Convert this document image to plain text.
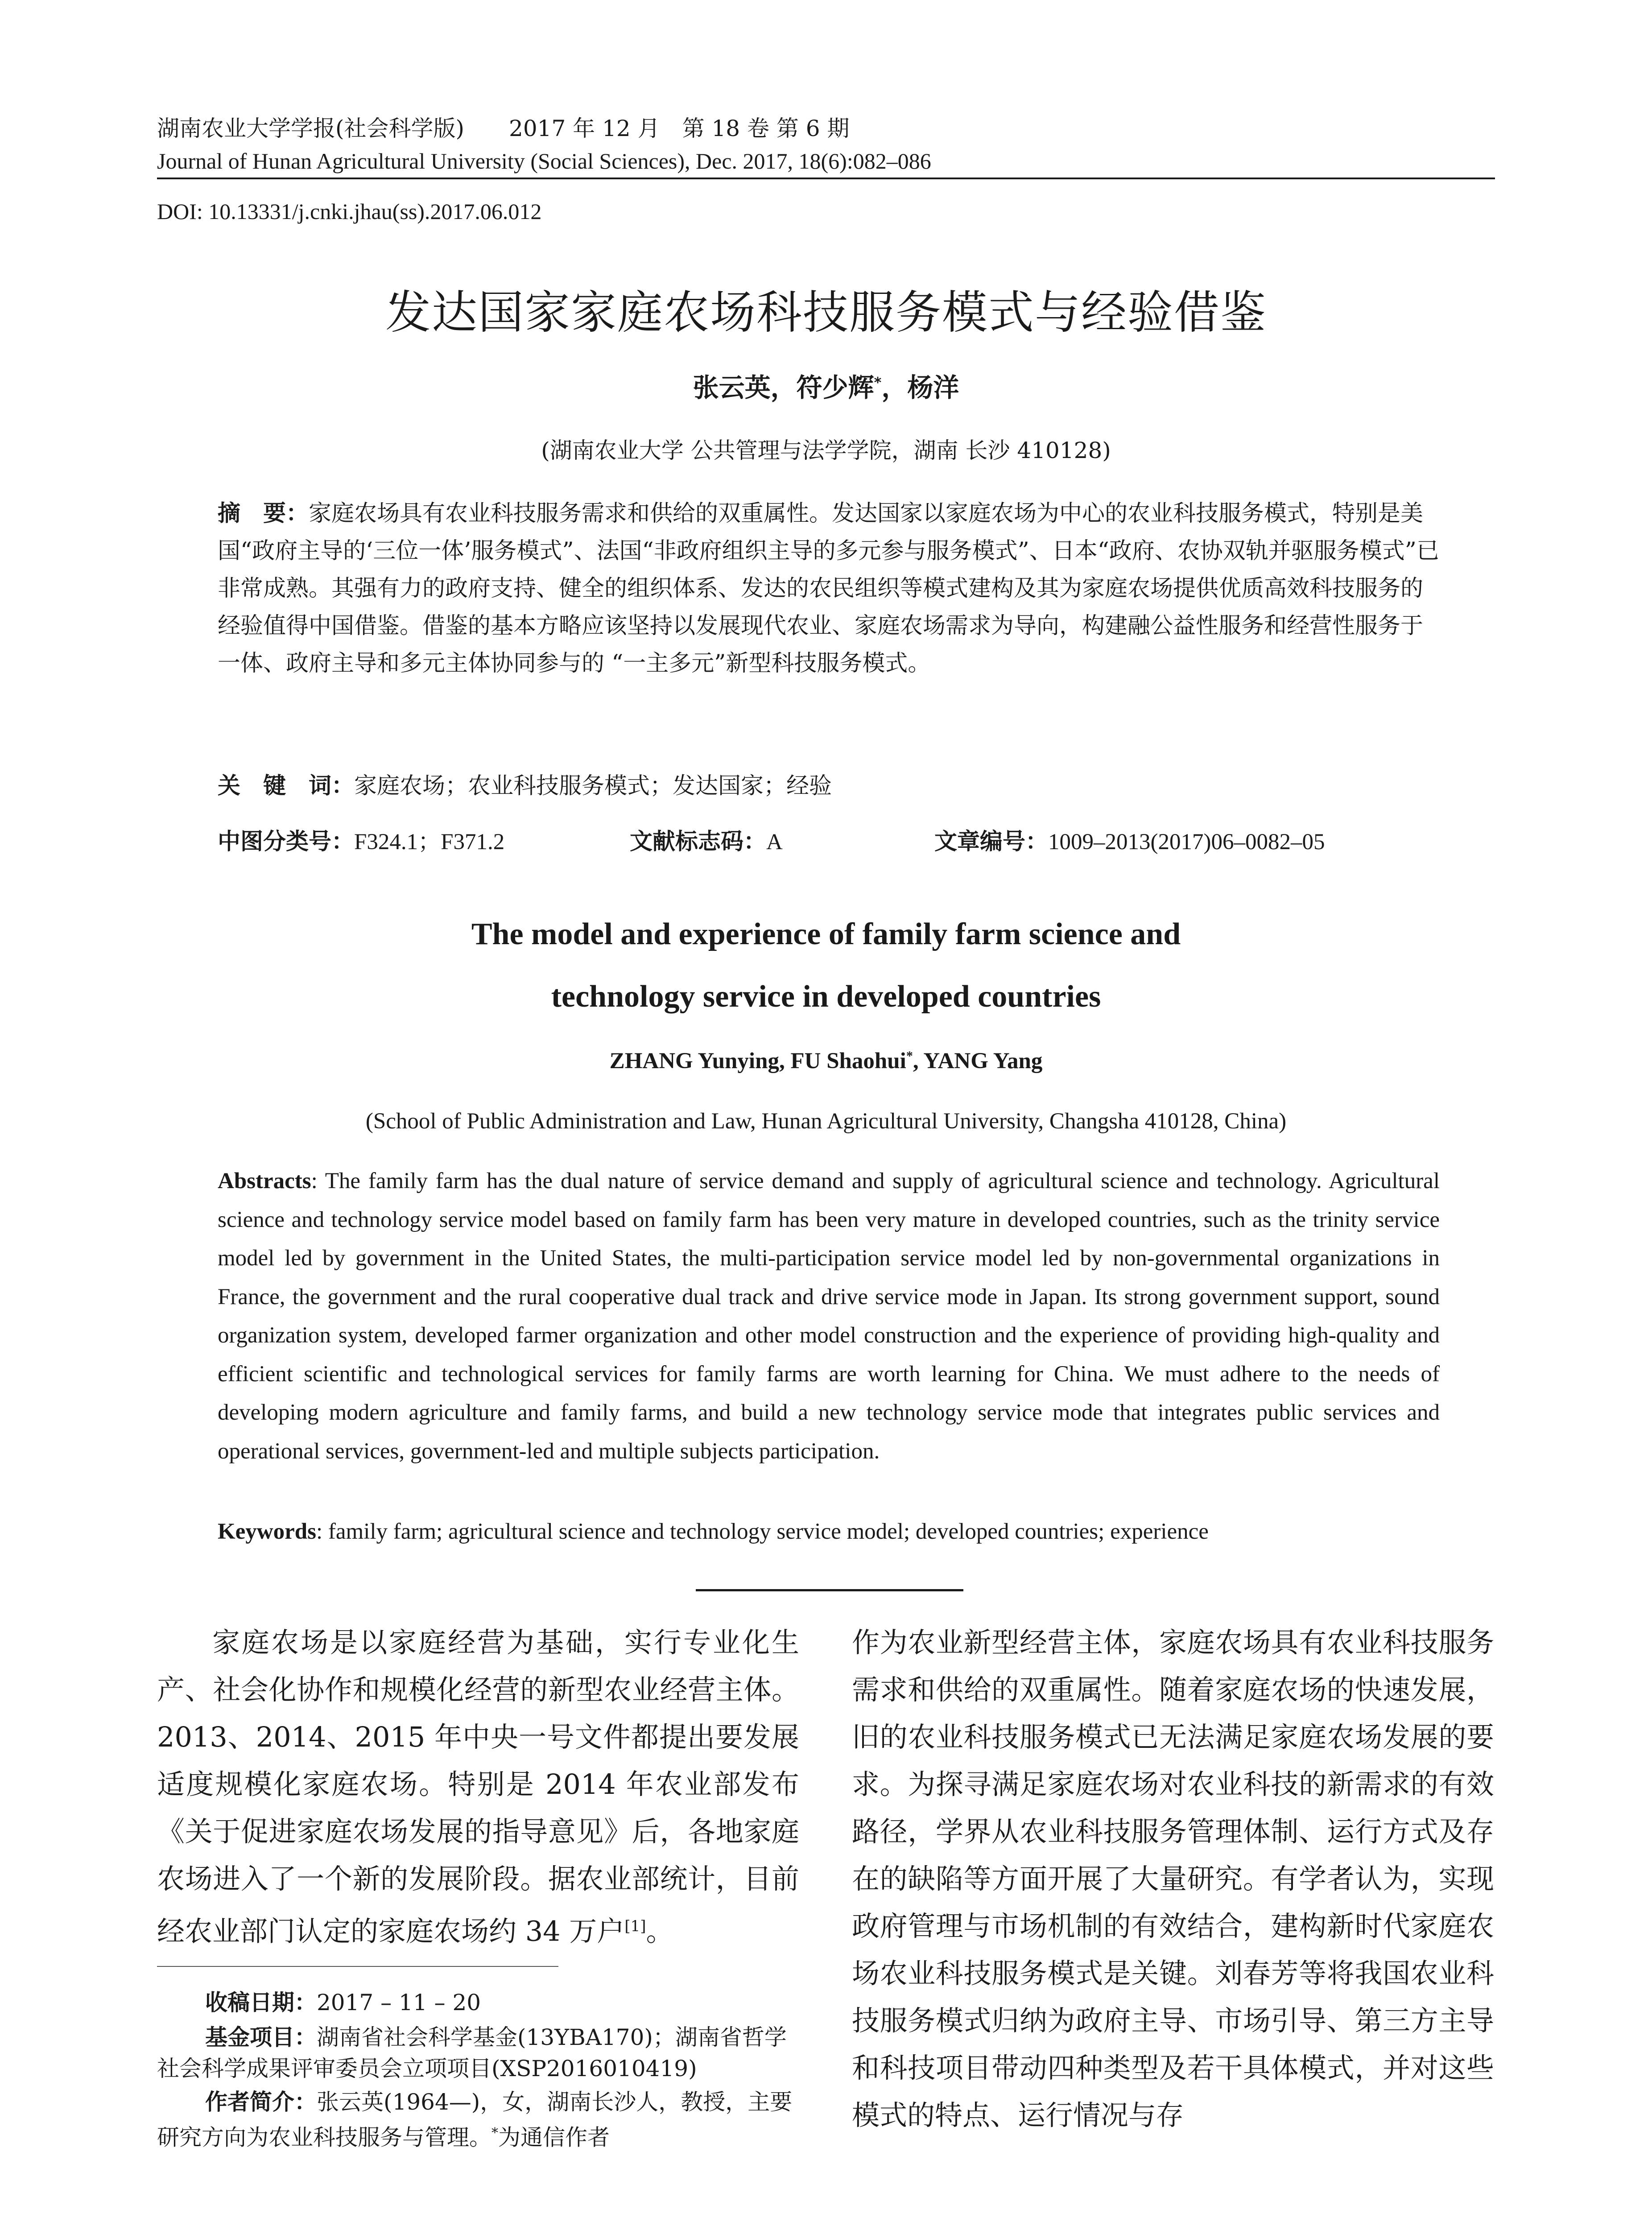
湖南农业大学学报(社会科学版)　　2017 年 12 月　第 18 卷 第 6 期
Journal of Hunan Agricultural University (Social Sciences), Dec. 2017, 18(6):082–086
DOI: 10.13331/j.cnki.jhau(ss).2017.06.012
发达国家家庭农场科技服务模式与经验借鉴
张云英，符少辉*，杨洋
(湖南农业大学 公共管理与法学学院，湖南 长沙 410128)
摘　要：家庭农场具有农业科技服务需求和供给的双重属性。发达国家以家庭农场为中心的农业科技服务模式，特别是美国“政府主导的‘三位一体’服务模式”、法国“非政府组织主导的多元参与服务模式”、日本“政府、农协双轨并驱服务模式”已非常成熟。其强有力的政府支持、健全的组织体系、发达的农民组织等模式建构及其为家庭农场提供优质高效科技服务的经验值得中国借鉴。借鉴的基本方略应该坚持以发展现代农业、家庭农场需求为导向，构建融公益性服务和经营性服务于一体、政府主导和多元主体协同参与的 “一主多元”新型科技服务模式。
关　键　词：家庭农场；农业科技服务模式；发达国家；经验
中图分类号：F324.1；F371.2	文献标志码：A	文章编号：1009–2013(2017)06–0082–05
The model and experience of family farm science and
technology service in developed countries
ZHANG Yunying, FU Shaohui*, YANG Yang
(School of Public Administration and Law, Hunan Agricultural University, Changsha 410128, China)
Abstracts: The family farm has the dual nature of service demand and supply of agricultural science and technology. Agricultural science and technology service model based on family farm has been very mature in developed countries, such as the trinity service model led by government in the United States, the multi-participation service model led by non-governmental organizations in France, the government and the rural cooperative dual track and drive service mode in Japan. Its strong government support, sound organization system, developed farmer organization and other model construction and the experience of providing high-quality and efficient scientific and technological services for family farms are worth learning for China. We must adhere to the needs of developing modern agriculture and family farms, and build a new technology service mode that integrates public services and operational services, government-led and multiple subjects participation.
Keywords: family farm; agricultural science and technology service model; developed countries; experience
家庭农场是以家庭经营为基础，实行专业化生产、社会化协作和规模化经营的新型农业经营主体。2013、2014、2015 年中央一号文件都提出要发展适度规模化家庭农场。特别是 2014 年农业部发布《关于促进家庭农场发展的指导意见》后，各地家庭农场进入了一个新的发展阶段。据农业部统计，目前经农业部门认定的家庭农场约 34 万户[1]。
作为农业新型经营主体，家庭农场具有农业科技服务需求和供给的双重属性。随着家庭农场的快速发展，旧的农业科技服务模式已无法满足家庭农场发展的要求。为探寻满足家庭农场对农业科技的新需求的有效路径，学界从农业科技服务管理体制、运行方式及存在的缺陷等方面开展了大量研究。有学者认为，实现政府管理与市场机制的有效结合，建构新时代家庭农场农业科技服务模式是关键。刘春芳等将我国农业科技服务模式归纳为政府主导、市场引导、第三方主导和科技项目带动四种类型及若干具体模式，并对这些模式的特点、运行情况与存
收稿日期：2017 – 11 – 20
基金项目：湖南省社会科学基金(13YBA170)；湖南省哲学社会科学成果评审委员会立项项目(XSP2016010419)
作者简介：张云英(1964—)，女，湖南长沙人，教授，主要研究方向为农业科技服务与管理。*为通信作者
